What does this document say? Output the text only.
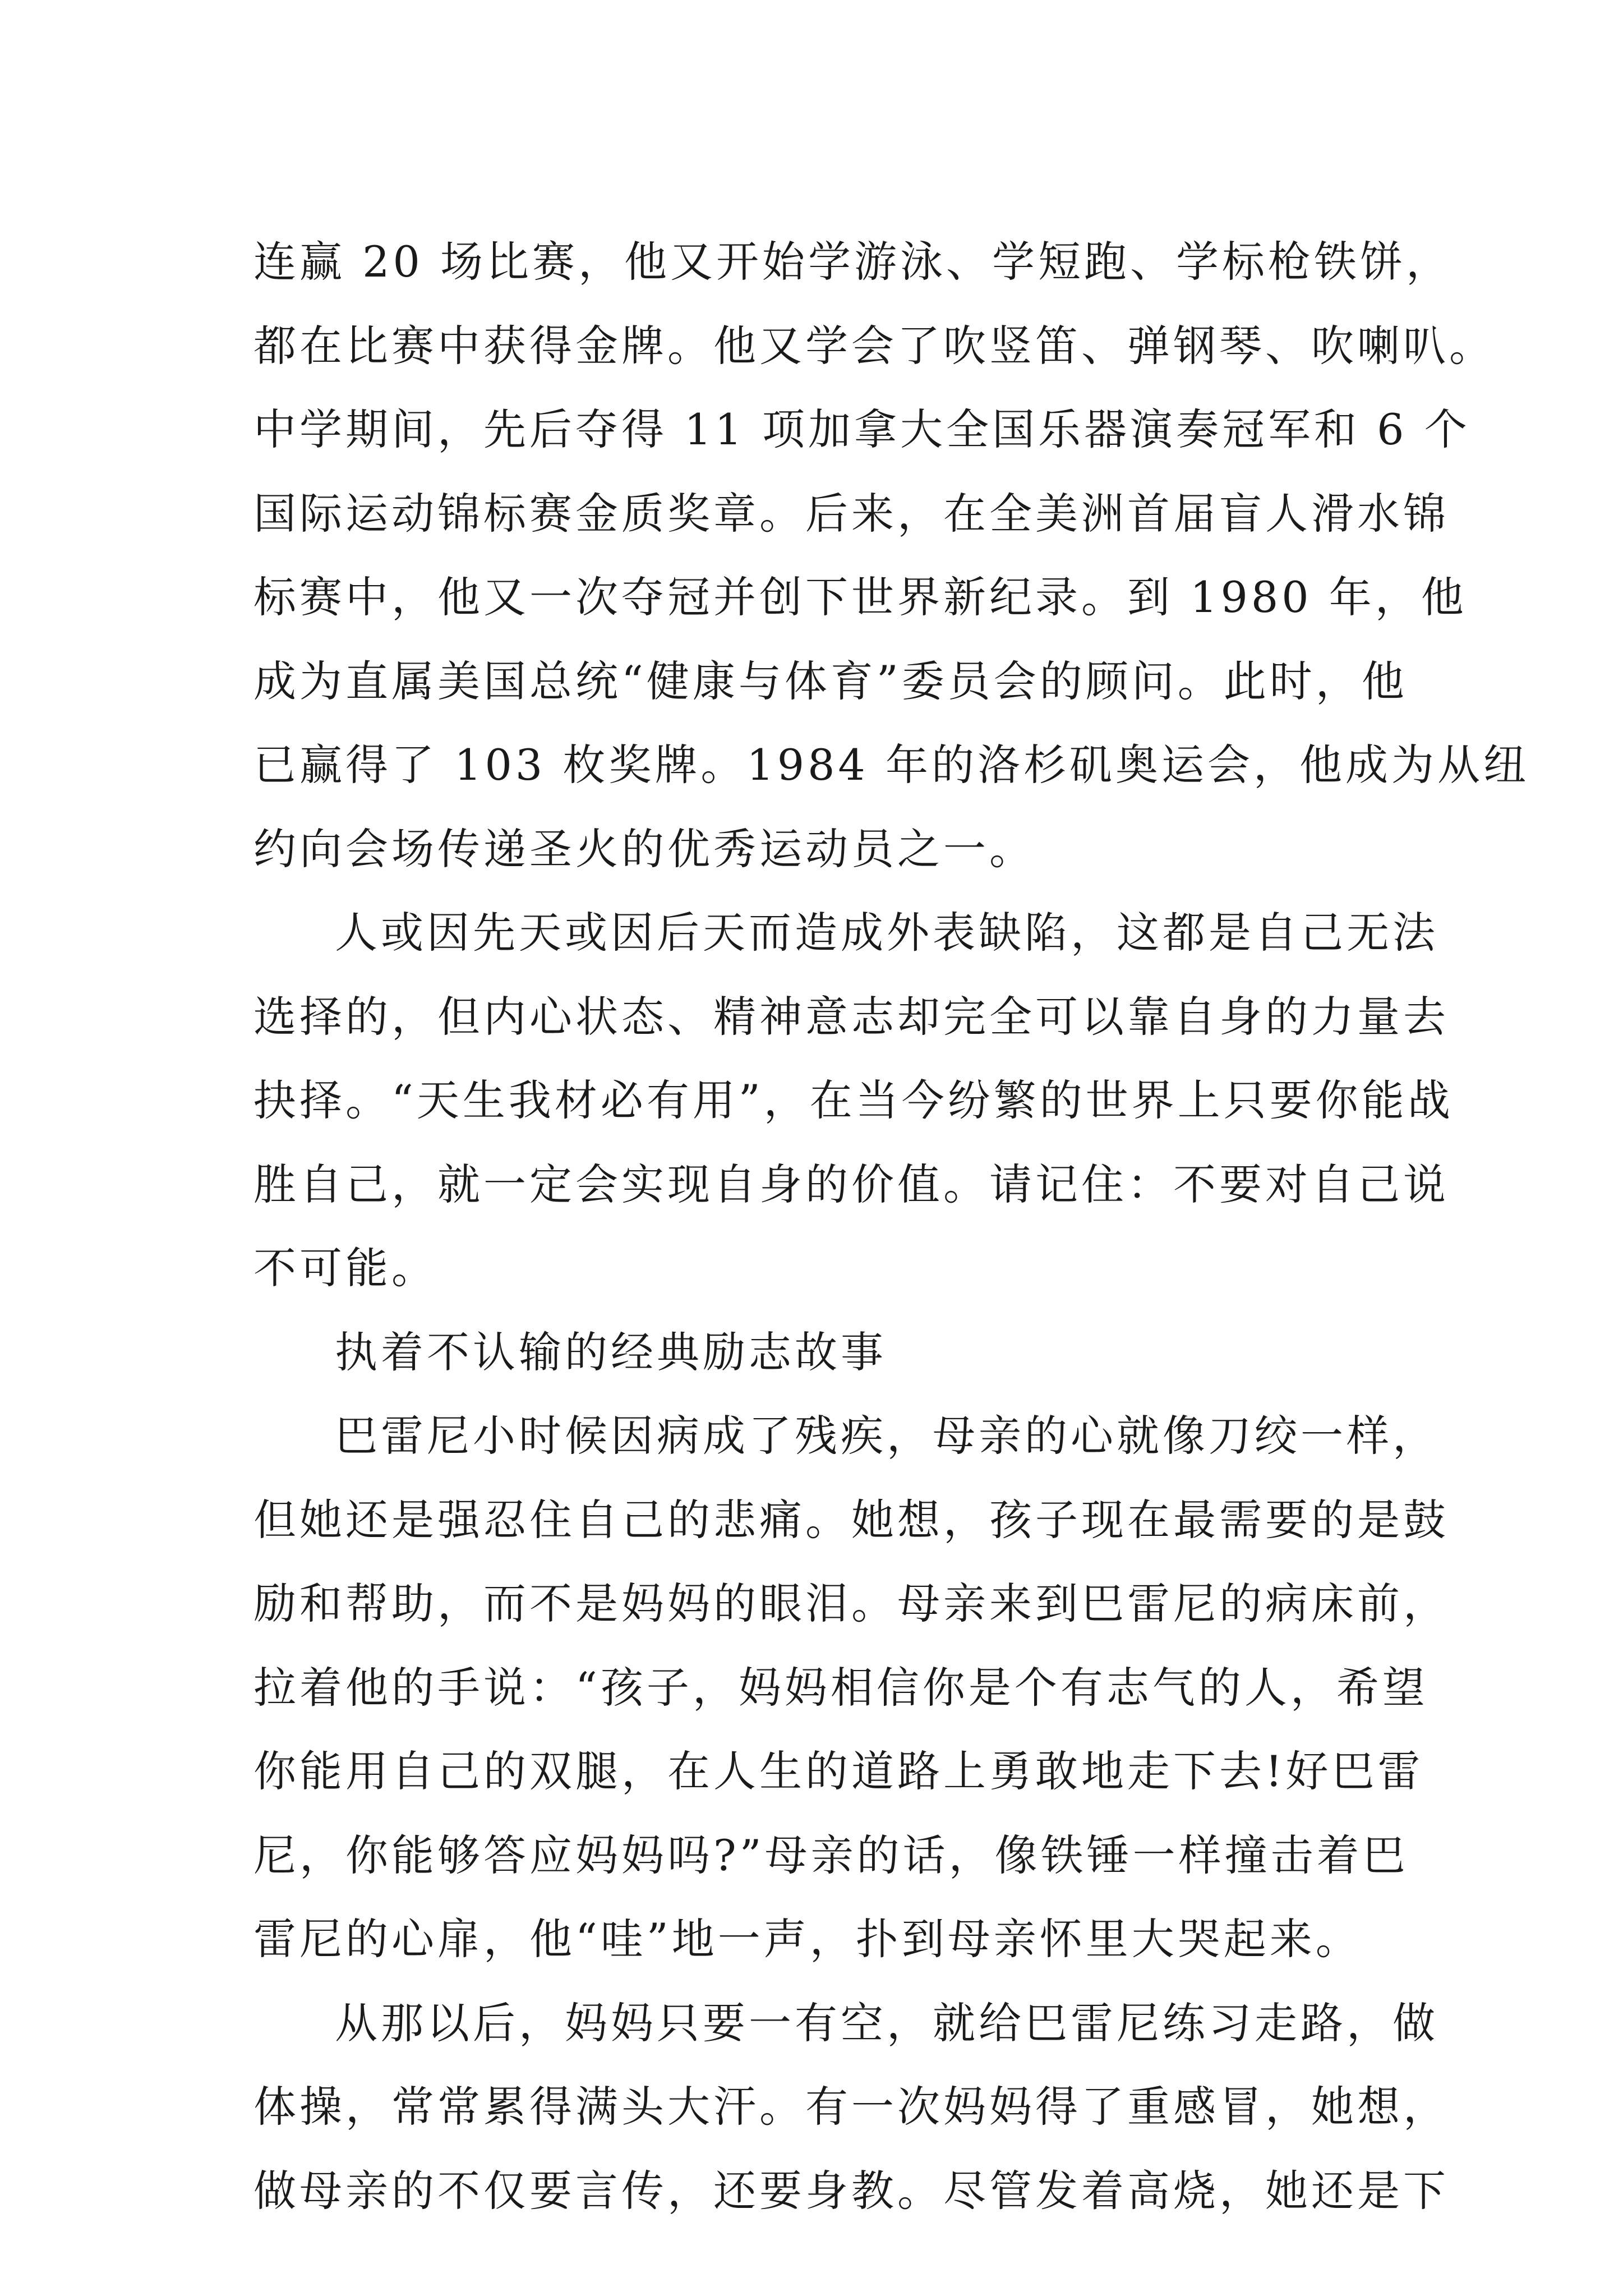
连赢 20 场比赛，他又开始学游泳、学短跑、学标枪铁饼，
都在比赛中获得金牌。他又学会了吹竖笛、弹钢琴、吹喇叭。
中学期间，先后夺得 11 项加拿大全国乐器演奏冠军和 6 个
国际运动锦标赛金质奖章。后来，在全美洲首届盲人滑水锦
标赛中，他又一次夺冠并创下世界新纪录。到 1980 年，他
成为直属美国总统“健康与体育”委员会的顾问。此时，他
已赢得了 103 枚奖牌。1984 年的洛杉矶奥运会，他成为从纽
约向会场传递圣火的优秀运动员之一。
人或因先天或因后天而造成外表缺陷，这都是自己无法
选择的，但内心状态、精神意志却完全可以靠自身的力量去
抉择。“天生我材必有用”，在当今纷繁的世界上只要你能战
胜自己，就一定会实现自身的价值。请记住：不要对自己说
不可能。
执着不认输的经典励志故事
巴雷尼小时候因病成了残疾，母亲的心就像刀绞一样，
但她还是强忍住自己的悲痛。她想，孩子现在最需要的是鼓
励和帮助，而不是妈妈的眼泪。母亲来到巴雷尼的病床前，
拉着他的手说：“孩子，妈妈相信你是个有志气的人，希望
你能用自己的双腿，在人生的道路上勇敢地走下去!好巴雷
尼，你能够答应妈妈吗?”母亲的话，像铁锤一样撞击着巴
雷尼的心扉，他“哇”地一声，扑到母亲怀里大哭起来。
从那以后，妈妈只要一有空，就给巴雷尼练习走路，做
体操，常常累得满头大汗。有一次妈妈得了重感冒，她想，
做母亲的不仅要言传，还要身教。尽管发着高烧，她还是下
